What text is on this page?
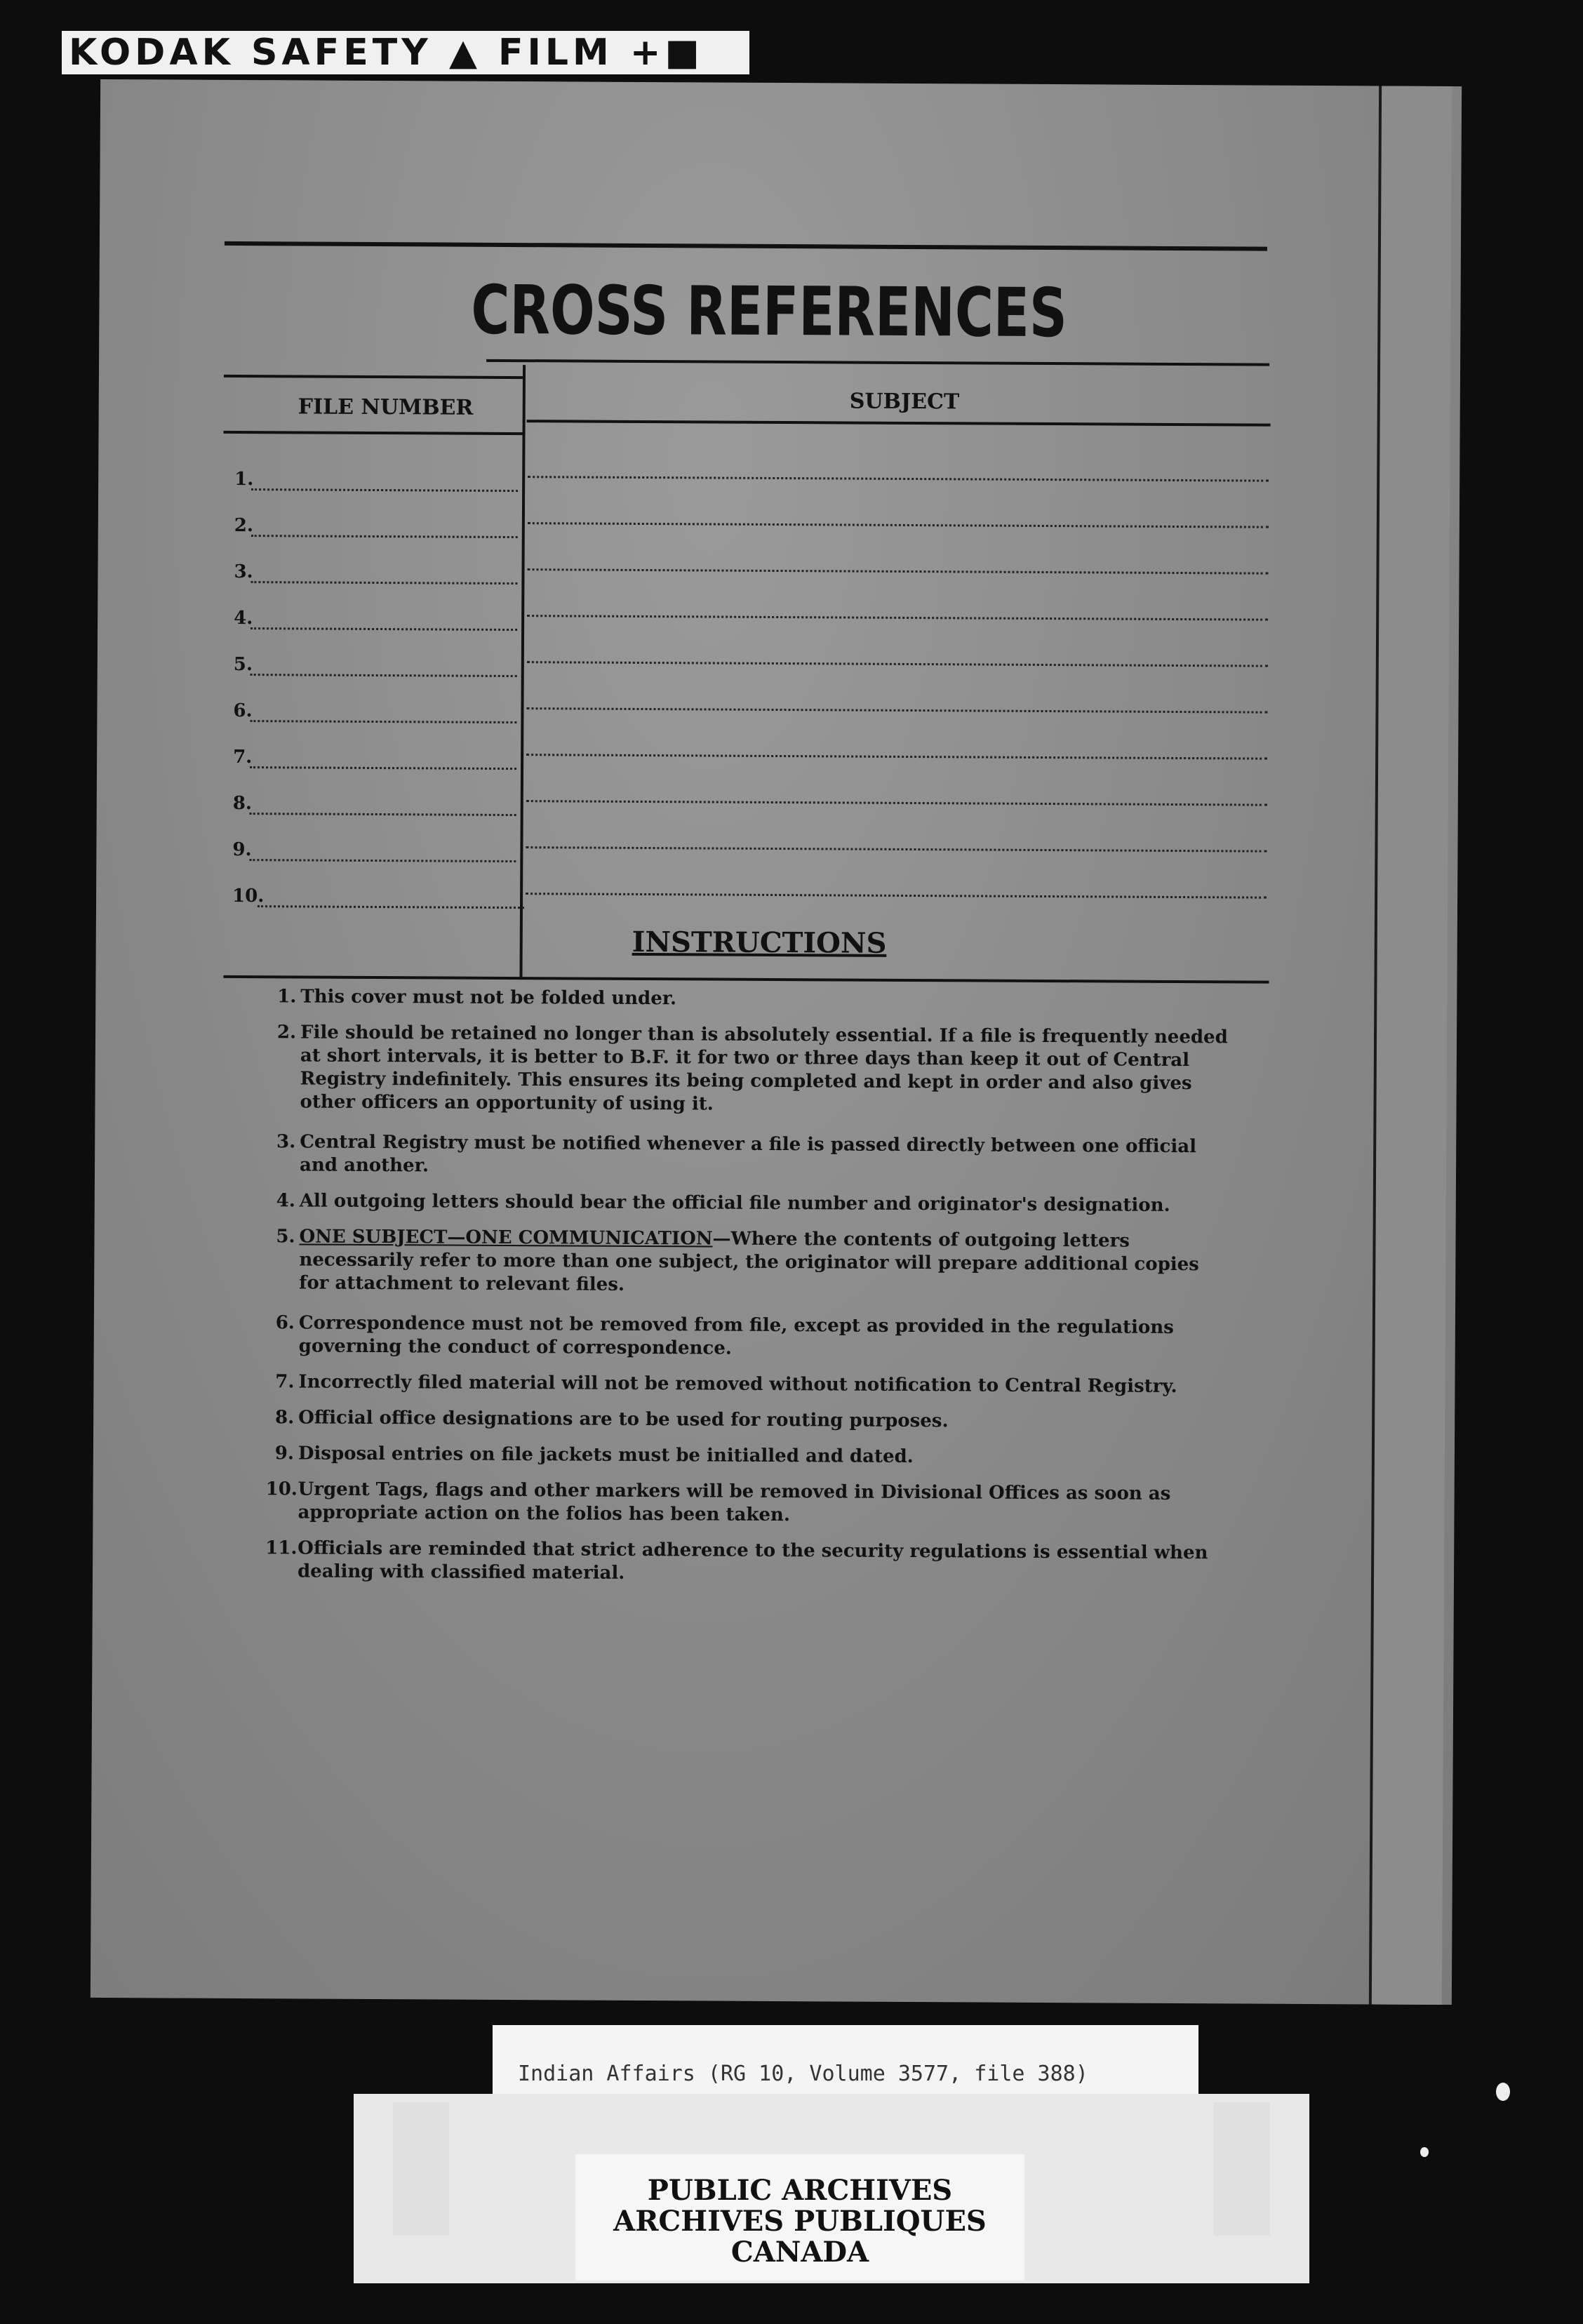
KODAK SAFETY ▲ FILM +■
CROSS REFERENCES
FILE NUMBER	SUBJECT
1.
2.
3.
4.
5.
6.
7.
8.
9.
10.
INSTRUCTIONS
1. This cover must not be folded under.
2. File should be retained no longer than is absolutely essential. If a file is frequently needed at short intervals, it is better to B.F. it for two or three days than keep it out of Central Registry indefinitely. This ensures its being completed and kept in order and also gives other officers an opportunity of using it.
3. Central Registry must be notified whenever a file is passed directly between one official and another.
4. All outgoing letters should bear the official file number and originator's designation.
5. ONE SUBJECT—ONE COMMUNICATION—Where the contents of outgoing letters necessarily refer to more than one subject, the originator will prepare additional copies for attachment to relevant files.
6. Correspondence must not be removed from file, except as provided in the regulations governing the conduct of correspondence.
7. Incorrectly filed material will not be removed without notification to Central Registry.
8. Official office designations are to be used for routing purposes.
9. Disposal entries on file jackets must be initialled and dated.
10. Urgent Tags, flags and other markers will be removed in Divisional Offices as soon as appropriate action on the folios has been taken.
11. Officials are reminded that strict adherence to the security regulations is essential when dealing with classified material.
Indian Affairs (RG 10, Volume 3577, file 388)
PUBLIC ARCHIVES
ARCHIVES PUBLIQUES
CANADA
